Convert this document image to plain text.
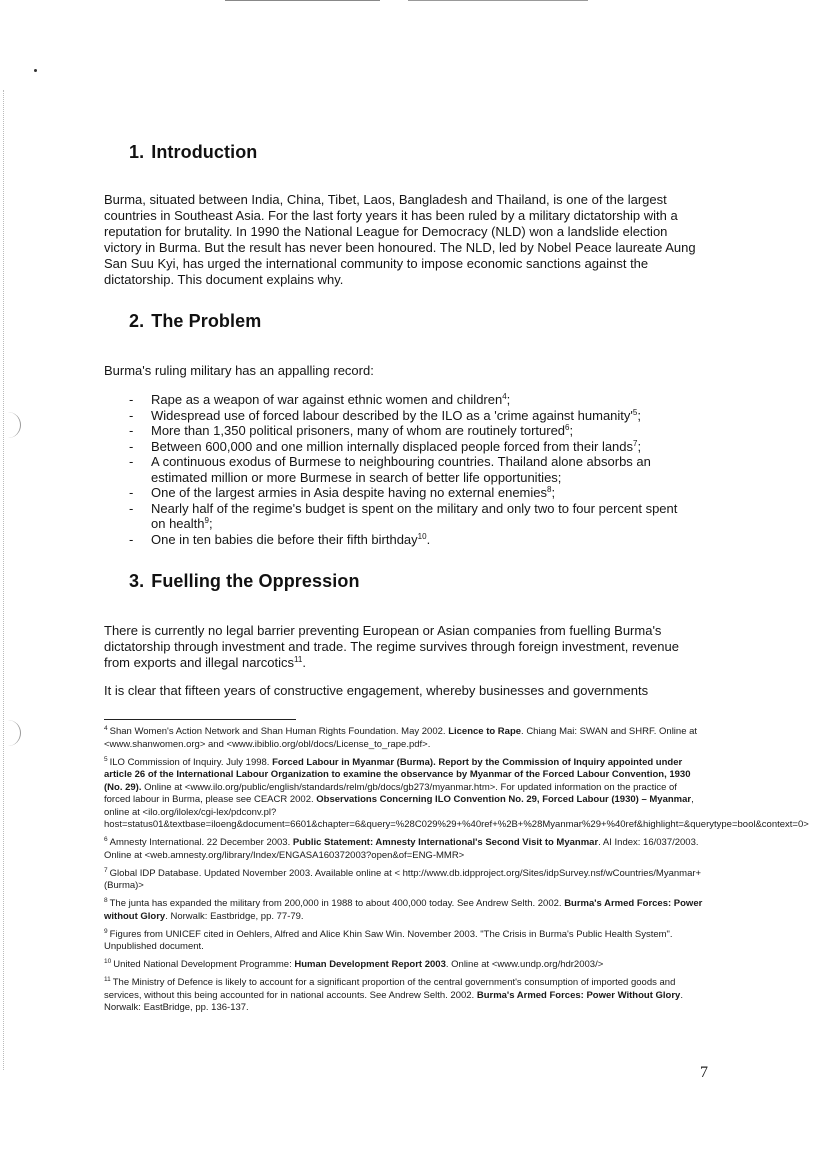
1. Introduction

Burma, situated between India, China, Tibet, Laos, Bangladesh and Thailand, is one of the largest countries in Southeast Asia. For the last forty years it has been ruled by a military dictatorship with a reputation for brutality. In 1990 the National League for Democracy (NLD) won a landslide election victory in Burma. But the result has never been honoured. The NLD, led by Nobel Peace laureate Aung San Suu Kyi, has urged the international community to impose economic sanctions against the dictatorship. This document explains why.

2. The Problem

Burma's ruling military has an appalling record:

- Rape as a weapon of war against ethnic women and children$^4$;
- Widespread use of forced labour described by the ILO as a 'crime against $humanity'^5$;
- More than 1,350 political prisoners, many of whom are routinely tortured$^6$;
- Between 600,000 and one million internally displaced people forced from their lands$^7$;
- A continuous exodus of Burmese to neighbouring countries. Thailand alone absorbs an estimated million or more Burmese in search of better life opportunities;
- One of the largest armies in Asia despite having no external enemies$^8$;
- Nearly half of the regime's budget is spent on the military and only two to four percent spent on health$^9$;
- One in ten babies die before their fifth birthday$^{10}$.
3. Fuelling the Oppression

There is currently no legal barrier preventing European or Asian companies from fuelling Burma's dictatorship through investment and trade. The regime survives through foreign investment, revenue from exports and illegal narcotics$^{11}$.

It is clear that fifteen years of constructive engagement, whereby businesses and governments

$^4$ Shan Women's Action Network and Shan Human Rights Foundation. May 2002. Licence to Rape. Chiang Mai: SWAN and SHRF. Online at <www.shanwomen.org> and <www.ibiblio.org/obl/docs/License_to_rape.pdf>.

$^5$ ILO Commission of Inquiry. July 1998. Forced Labour in Myanmar (Burma). Report by the Commission of Inquiry appointed under article 26 of the International Labour Organization to examine the observance by Myanmar of the Forced Labour Convention, 1930 (No. 29). Online at <www.ilo.org/public/english/standards/relm/gb/docs/gb273/myanmar.htm>. For updated information on the practice of forced labour in Burma, please see CEACR 2002. Observations Concerning ILO Convention No. 29, Forced Labour (1930) – Myanmar, online at <ilo.org/ilolex/cgi-lex/pdconv.pl?host=status01&textbase=iloeng&document=6601&chapter=6&query=%28C029%29+%40ref+%2B+%28Myanmar%29+%40ref&highlight=&querytype=bool&context=0>

$^6$ Amnesty International. 22 December 2003. Public Statement: Amnesty International's Second Visit to Myanmar. AI Index: 16/037/2003. Online at <web.amnesty.org/library/Index/ENGASA160372003?open&of=ENG-MMR>

$^7$ Global IDP Database. Updated November 2003. Available online at < http://www.db.idpproject.org/Sites/idpSurvey.nsf/wCountries/Myanmar+(Burma)>

$^8$ The junta has expanded the military from 200,000 in 1988 to about 400,000 today. See Andrew Selth. 2002. Burma's Armed Forces: Power without Glory. Norwalk: Eastbridge, pp. 77-79.

$^9$ Figures from UNICEF cited in Oehlers, Alfred and Alice Khin Saw Win. November 2003. "The Crisis in Burma's Public Health System". Unpublished document.

$^{10}$ United National Development Programme: Human Development Report 2003. Online at <www.undp.org/hdr2003/>

$^{11}$ The Ministry of Defence is likely to account for a significant proportion of the central government's consumption of imported goods and services, without this being accounted for in national accounts. See Andrew Selth. 2002. Burma's Armed Forces: Power Without Glory. Norwalk: EastBridge, pp. 136-137.

7
